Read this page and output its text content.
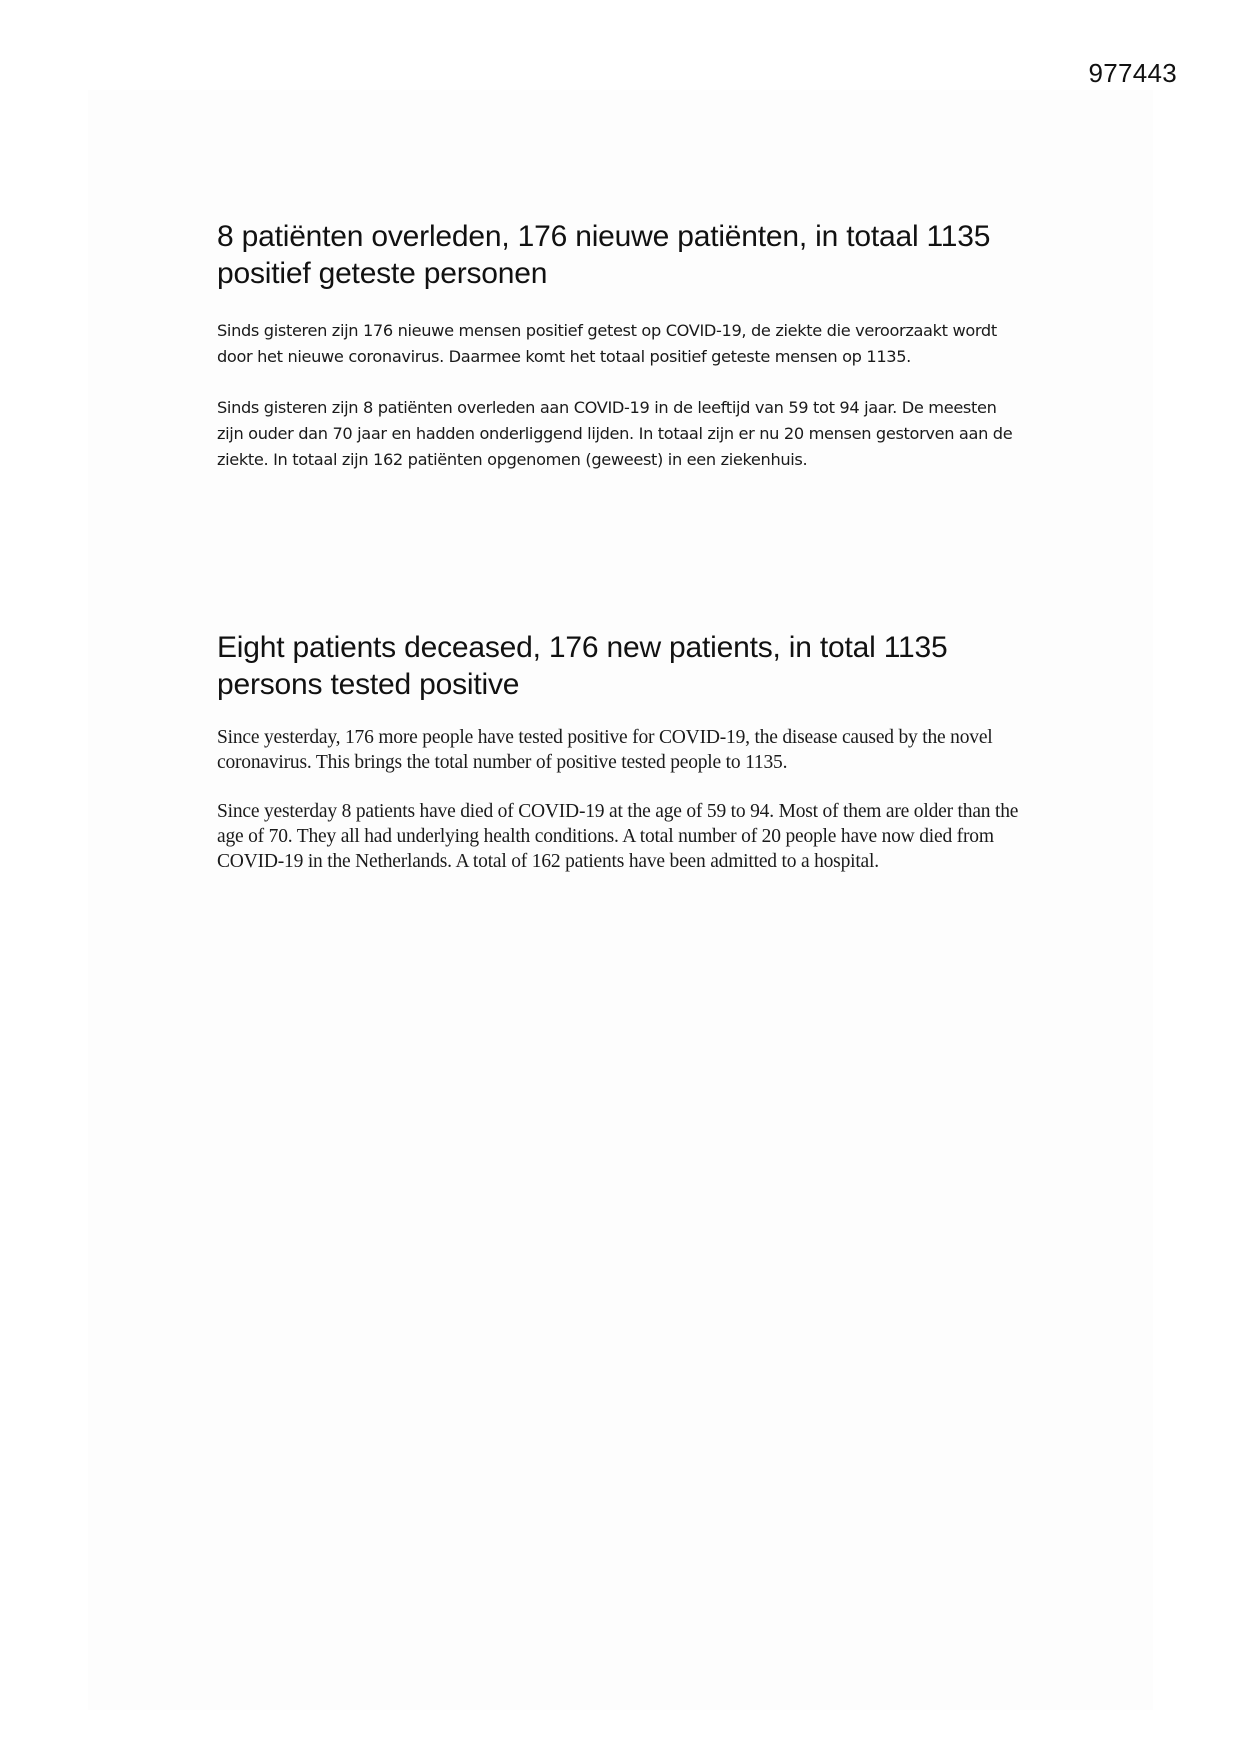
977443
8 patiënten overleden, 176 nieuwe patiënten, in totaal 1135 positief geteste personen

Sinds gisteren zijn 176 nieuwe mensen positief getest op COVID-19, de ziekte die veroorzaakt wordt door het nieuwe coronavirus. Daarmee komt het totaal positief geteste mensen op 1135.

Sinds gisteren zijn 8 patiënten overleden aan COVID-19 in de leeftijd van 59 tot 94 jaar. De meesten zijn ouder dan 70 jaar en hadden onderliggend lijden. In totaal zijn er nu 20 mensen gestorven aan de ziekte. In totaal zijn 162 patiënten opgenomen (geweest) in een ziekenhuis.

Eight patients deceased, 176 new patients, in total 1135 persons tested positive

Since yesterday, 176 more people have tested positive for COVID-19, the disease caused by the novel coronavirus. This brings the total number of positive tested people to 1135.

Since yesterday 8 patients have died of COVID-19 at the age of 59 to 94. Most of them are older than the age of 70. They all had underlying health conditions. A total number of 20 people have now died from COVID-19 in the Netherlands. A total of 162 patients have been admitted to a hospital.
